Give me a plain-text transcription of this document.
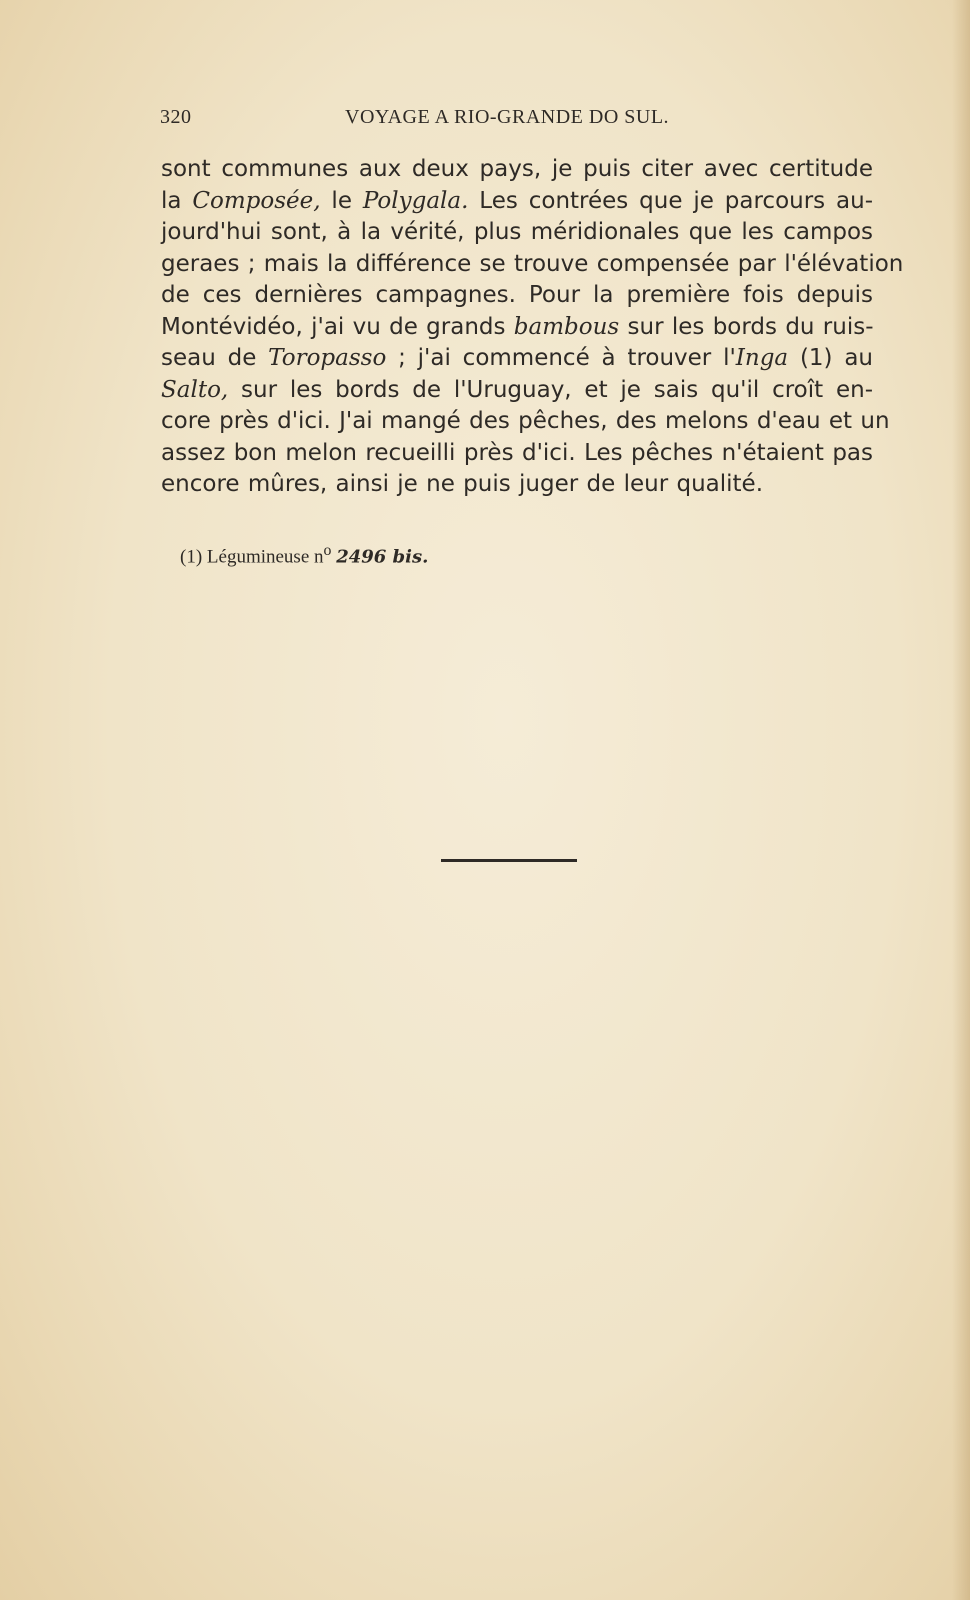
320	VOYAGE A RIO-GRANDE DO SUL.
sont communes aux deux pays, je puis citer avec certitude
la Composée, le Polygala. Les contrées que je parcours au-
jourd'hui sont, à la vérité, plus méridionales que les campos
geraes ; mais la différence se trouve compensée par l'élévation
de ces dernières campagnes. Pour la première fois depuis
Montévidéo, j'ai vu de grands bambous sur les bords du ruis-
seau de Toropasso ; j'ai commencé à trouver l'Inga (1) au
Salto, sur les bords de l'Uruguay, et je sais qu'il croît en-
core près d'ici. J'ai mangé des pêches, des melons d'eau et un
assez bon melon recueilli près d'ici. Les pêches n'étaient pas
encore mûres, ainsi je ne puis juger de leur qualité.
(1) Légumineuse $n^o$ 2496 bis.
